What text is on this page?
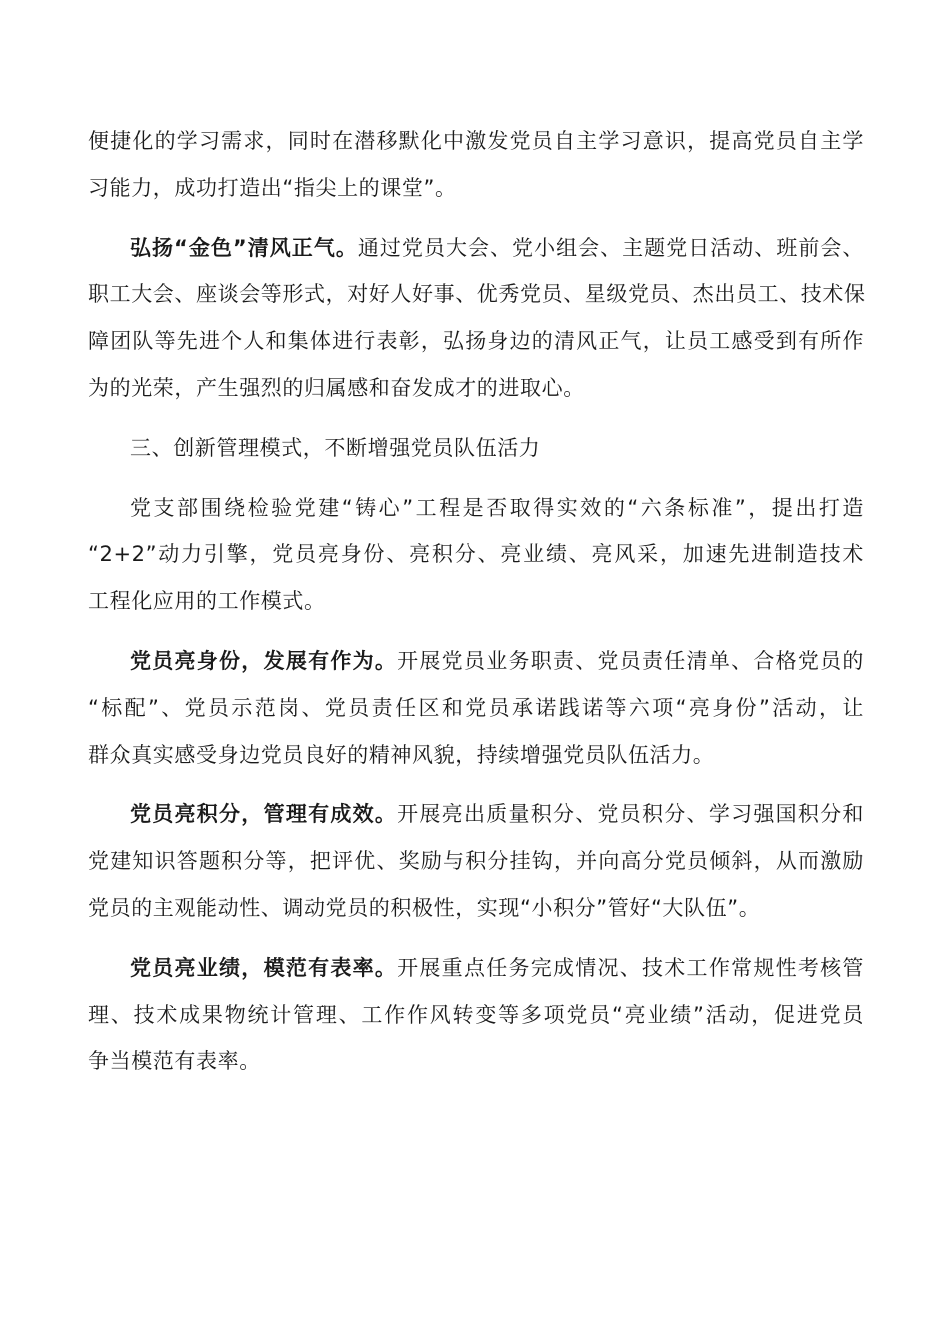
便捷化的学习需求，同时在潜移默化中激发党员自主学习意识，提高党员自主学
习能力，成功打造出“指尖上的课堂”。
弘扬“金色”清风正气。通过党员大会、党小组会、主题党日活动、班前会、
职工大会、座谈会等形式，对好人好事、优秀党员、星级党员、杰出员工、技术保
障团队等先进个人和集体进行表彰，弘扬身边的清风正气，让员工感受到有所作
为的光荣，产生强烈的归属感和奋发成才的进取心。
三、创新管理模式，不断增强党员队伍活力
党支部围绕检验党建“铸心”工程是否取得实效的“六条标准”，提出打造
“2+2”动力引擎，党员亮身份、亮积分、亮业绩、亮风采，加速先进制造技术
工程化应用的工作模式。
党员亮身份，发展有作为。开展党员业务职责、党员责任清单、合格党员的
“标配”、党员示范岗、党员责任区和党员承诺践诺等六项“亮身份”活动，让
群众真实感受身边党员良好的精神风貌，持续增强党员队伍活力。
党员亮积分，管理有成效。开展亮出质量积分、党员积分、学习强国积分和
党建知识答题积分等，把评优、奖励与积分挂钩，并向高分党员倾斜，从而激励
党员的主观能动性、调动党员的积极性，实现“小积分”管好“大队伍”。
党员亮业绩，模范有表率。开展重点任务完成情况、技术工作常规性考核管
理、技术成果物统计管理、工作作风转变等多项党员“亮业绩”活动，促进党员
争当模范有表率。
